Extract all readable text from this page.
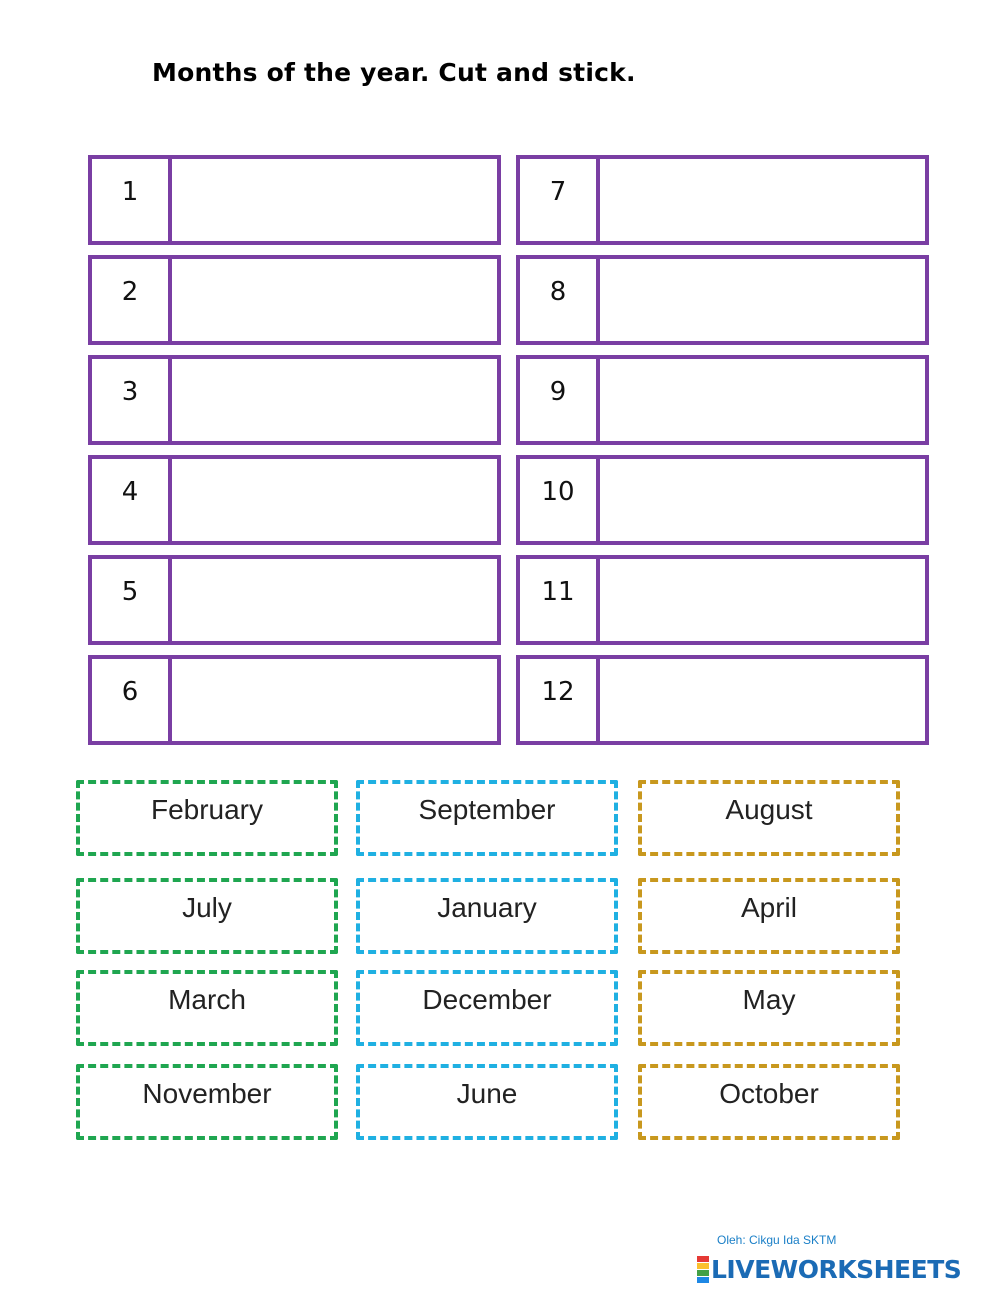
Months of the year. Cut and stick.
1
2
3
4
5
6
7
8
9
10
11
12
February
July
March
November
September
January
December
June
August
April
May
October
Oleh: Cikgu Ida SKTM
LIVEWORKSHEETS
